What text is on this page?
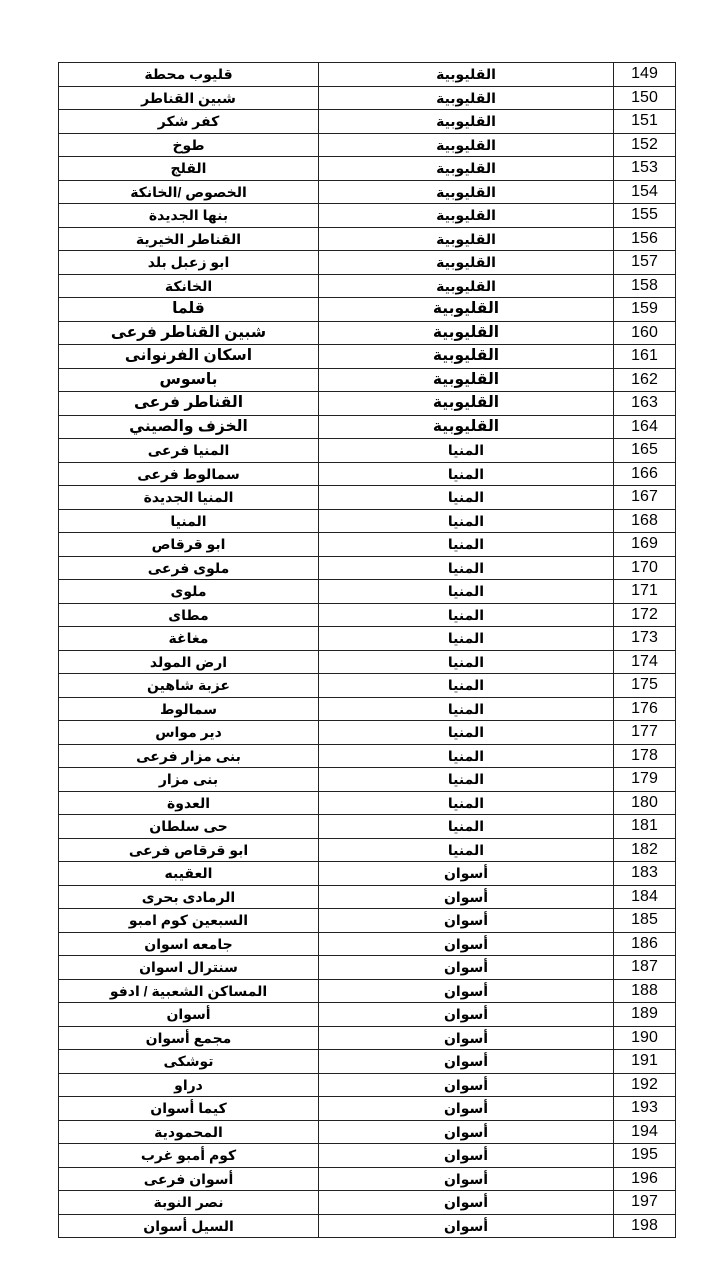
قليوب محطة	القليوبية	149
شبين القناطر	القليوبية	150
كفر شكر	القليوبية	151
طوخ	القليوبية	152
القلج	القليوبية	153
الخصوص /الخانكة	القليوبية	154
بنها الجديدة	القليوبية	155
القناطر الخيرية	القليوبية	156
ابو زعبل بلد	القليوبية	157
الخانكة	القليوبية	158
قلما	القليوبية	159
شبين القناطر فرعى	القليوبية	160
اسكان الفرنوانى	القليوبية	161
باسوس	القليوبية	162
القناطر فرعى	القليوبية	163
الخزف والصيني	القليوبية	164
المنيا فرعى	المنيا	165
سمالوط فرعى	المنيا	166
المنيا الجديدة	المنيا	167
المنيا	المنيا	168
ابو قرقاص	المنيا	169
ملوى فرعى	المنيا	170
ملوى	المنيا	171
مطاى	المنيا	172
مغاغة	المنيا	173
ارض المولد	المنيا	174
عزبة شاهين	المنيا	175
سمالوط	المنيا	176
دير مواس	المنيا	177
بنى مزار فرعى	المنيا	178
بنى مزار	المنيا	179
العدوة	المنيا	180
حى سلطان	المنيا	181
ابو قرقاص فرعى	المنيا	182
العقيبه	أسوان	183
الرمادى بحرى	أسوان	184
السبعين كوم امبو	أسوان	185
جامعه اسوان	أسوان	186
سنترال اسوان	أسوان	187
المساكن الشعبية / ادفو	أسوان	188
أسوان	أسوان	189
مجمع أسوان	أسوان	190
توشكى	أسوان	191
دراو	أسوان	192
كيما أسوان	أسوان	193
المحمودية	أسوان	194
كوم أمبو غرب	أسوان	195
أسوان فرعى	أسوان	196
نصر النوبة	أسوان	197
السيل أسوان	أسوان	198
